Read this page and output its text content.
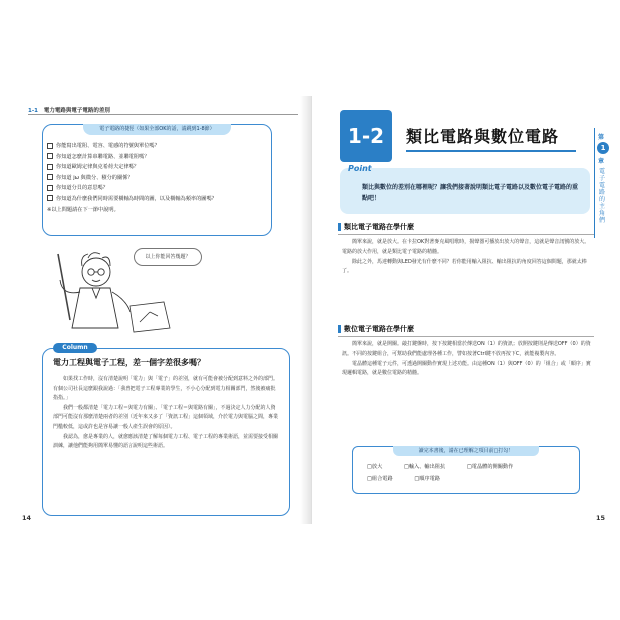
1-1 電力電路與電子電路的差別
電子電路的捷徑（如果全部OK的話，請跳到1-8節）
你能寫出電阻、電容、電感的符號與單位嗎？
你知道怎麼計算串聯電路、並聯電阻嗎？
你知道歐姆定律與克希荷夫定律嗎？
你知道 jω 與微分、積分的關係？
你知道分貝的意思嗎？
你知道為什麼我們同時需要橫軸為時間的圖，以及橫軸為頻率的圖嗎？
※以上問題請在下一節中說明。
以上你能回答幾題？
Column
電力工程與電子工程，差一個字差很多嗎？

如果找工作時，沒有清楚說明「電力」與「電子」的差別，就有可能會被分配到意料之外的部門。有個公司社長這麼跟我說過：「我曾把電子工程專業的學生，不小心分配到電力相關部門，然後被痛批指指。」

我們一般都清楚「電力工程＝與電力有關」、「電子工程＝與電路有關」，不過決定人力分配的人資部門可能沒有那麼清楚兩者的差別（近年來又多了「資訊工程」這個領域，介於電力與電腦之間，專業門檻較低，這或許也是容易讓一般人產生誤會的原因）。

我認為，愈是專業的人，就愈應該清楚了解每個電力工程、電子工程的專業術語，並需要接受相關訓練，讓他們能夠用簡單易懂的語言說明這些術語。

14
1-2	類比電路與數位電路
Point
類比與數位的差別在哪裡呢？讓我們接著說明類比電子電路以及數位電子電路的重點吧！
類比電子電路在學什麼

簡單來說，就是放大。在卡拉OK對著麥克風唱歌時，揚聲器可播放出放大的聲音，這就是聲音訊號的放大。電路的放大作用，就是類比電子電路的精髓。

除此之外，馬達轉動與LED發光有什麼不同？若你能用輸入阻抗、輸出阻抗的角度回答這個問題，那就太棒了。

數位電子電路在學什麼

簡單來說，就是開關。敲打鍵盤時，按下按鍵相當於傳送ON（1）的資訊；放開按鍵則是傳送OFF（0）的資訊。不同的按鍵組合，可幫助我們能處理各種工作，譬如按著Ctrl鍵不放再按下C，就能複製內容。

電晶體這種電子元件，可透過開關動作實現上述功能。由這種ON（1）與OFF（0）的「組合」或「順序」實現邏輯電路，就是數位電路的精髓。

讀完本書後，請在已理解之項目前□打勾！
□放大	□輸入、輸出阻抗	□電晶體的開關動作
□組合電路	□順序電路
15
第
1
章
電子電路的主角們
